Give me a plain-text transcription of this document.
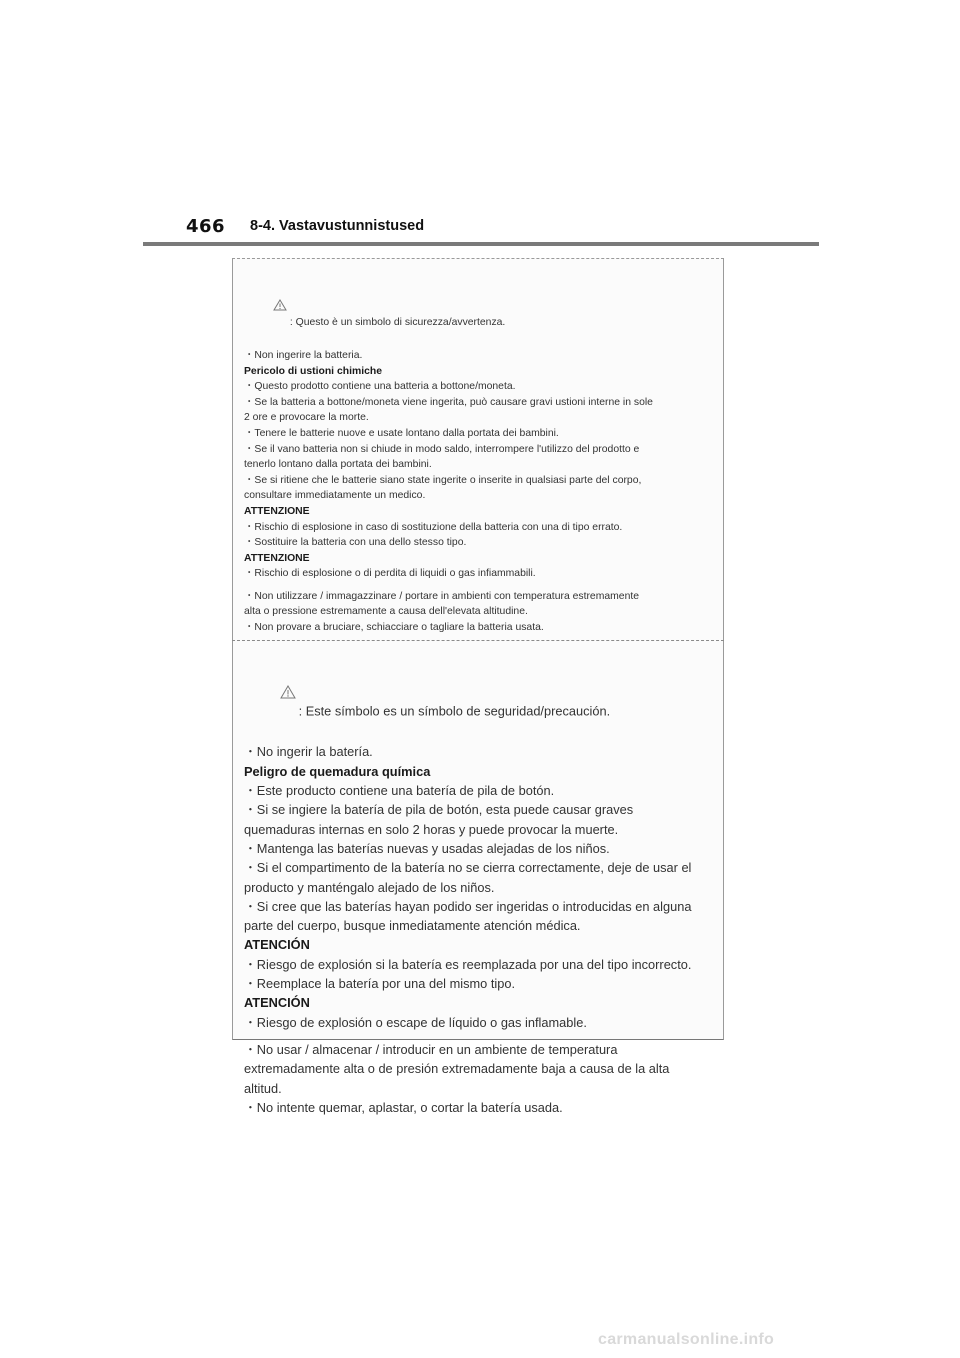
466 8-4. Vastavustunnistused

: Questo è un simbolo di sicurezza/avvertenza.

・Non ingerire la batteria.
Pericolo di ustioni chimiche
・Questo prodotto contiene una batteria a bottone/moneta.
・Se la batteria a bottone/moneta viene ingerita, può causare gravi ustioni interne in sole
2 ore e provocare la morte.
・Tenere le batterie nuove e usate lontano dalla portata dei bambini.
・Se il vano batteria non si chiude in modo saldo, interrompere l'utilizzo del prodotto e
tenerlo lontano dalla portata dei bambini.
・Se si ritiene che le batterie siano state ingerite o inserite in qualsiasi parte del corpo,
consultare immediatamente un medico.
ATTENZIONE
・Rischio di esplosione in caso di sostituzione della batteria con una di tipo errato.
・Sostituire la batteria con una dello stesso tipo.
ATTENZIONE
・Rischio di esplosione o di perdita di liquidi o gas infiammabili.
・Non utilizzare / immagazzinare / portare in ambienti con temperatura estremamente
alta o pressione estremamente a causa dell'elevata altitudine.
・Non provare a bruciare, schiacciare o tagliare la batteria usata.

: Este símbolo es un símbolo de seguridad/precaución.

・No ingerir la batería.
Peligro de quemadura química
・Este producto contiene una batería de pila de botón.
・Si se ingiere la batería de pila de botón, esta puede causar graves
quemaduras internas en solo 2 horas y puede provocar la muerte.
・Mantenga las baterías nuevas y usadas alejadas de los niños.
・Si el compartimento de la batería no se cierra correctamente, deje de usar el
producto y manténgalo alejado de los niños.
・Si cree que las baterías hayan podido ser ingeridas o introducidas en alguna
parte del cuerpo, busque inmediatamente atención médica.
ATENCIÓN
・Riesgo de explosión si la batería es reemplazada por una del tipo incorrecto.
・Reemplace la batería por una del mismo tipo.
ATENCIÓN
・Riesgo de explosión o escape de líquido o gas inflamable.
・No usar / almacenar / introducir en un ambiente de temperatura
extremadamente alta o de presión extremadamente baja a causa de la alta
altitud.
・No intente quemar, aplastar, o cortar la batería usada.
carmanualsonline.info
